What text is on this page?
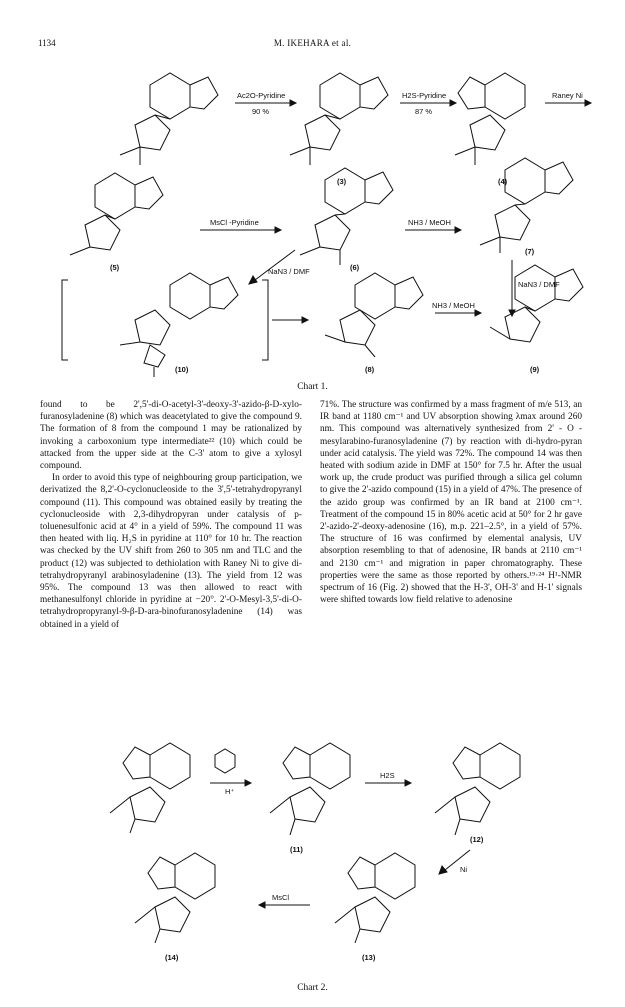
1134	M. IKEHARA et al.
(3)	(4)
(5)	(6)
(7)
(10)	(8)	(9)
Ac2O-Pyridine
90 %
H2S-Pyridine
87 %
Raney Ni
MsCl -Pyridine	NH3 / MeOH
NaN3 / DMF
NaN3 / DMF
NH3 / MeOH
Chart 1.

found to be 2',5'-di-O-acetyl-3'-deoxy-3'-azido-β-D-xylo-furanosyladenine (8) which was deacetylated to give the compound 9. The formation of 8 from the compound 1 may be rationalized by invoking a carboxonium type intermediate²² (10) which could be attacked from the upper side at the C-3' atom to give a xylosyl compound.

In order to avoid this type of neighbouring group participation, we derivatized the 8,2'-O-cyclonucleoside to the 3',5'-tetrahydropyranyl compound (11). This compound was obtained easily by treating the cyclonucleoside with 2,3-dihydropyran under catalysis of p-toluenesulfonic acid at 4° in a yield of 59%. The compound 11 was then heated with liq. H₂S in pyridine at 110° for 10 hr. The reaction was checked by the UV shift from 260 to 305 nm and TLC and the product (12) was subjected to dethiolation with Raney Ni to give di-tetrahydropyranyl arabinosyladenine (13). The yield from 12 was 95%. The compound 13 was then allowed to react with methanesulfonyl chloride in pyridine at −20°. 2'-O-Mesyl-3,5'-di-O-tetrahydropropyranyl-9-β-D-ara-binofuranosyladenine (14) was obtained in a yield of

71%. The structure was confirmed by a mass fragment of m/e 513, an IR band at 1180 cm⁻¹ and UV absorption showing λmax around 260 nm. This compound was alternatively synthesized from 2' - O - mesylarabino-furanosyladenine (7) by reaction with di-hydro-pyran under acid catalysis. The yield was 72%. The compound 14 was then heated with sodium azide in DMF at 150° for 7.5 hr. After the usual work up, the crude product was purified through a silica gel column to give the 2'-azido compound (15) in a yield of 47%. The presence of the azido group was confirmed by an IR band at 2100 cm⁻¹. Treatment of the compound 15 in 80% acetic acid at 50° for 2 hr gave 2'-azido-2'-deoxy-adenosine (16), m.p. 221–2.5°, in a yield of 57%. The structure of 16 was confirmed by elemental analysis, UV absorption resembling to that of adenosine, IR bands at 2110 cm⁻¹ and 2130 cm⁻¹ and migration in paper chromatography. These properties were the same as those reported by others.¹⁹·²⁴ H¹-NMR spectrum of 16 (Fig. 2) showed that the H-3', OH-3' and H-1' signals were shifted towards low field relative to adenosine

H⁺
H2S
Ni
MsCl
(11)
(12)
(13)
(14)
Chart 2.
